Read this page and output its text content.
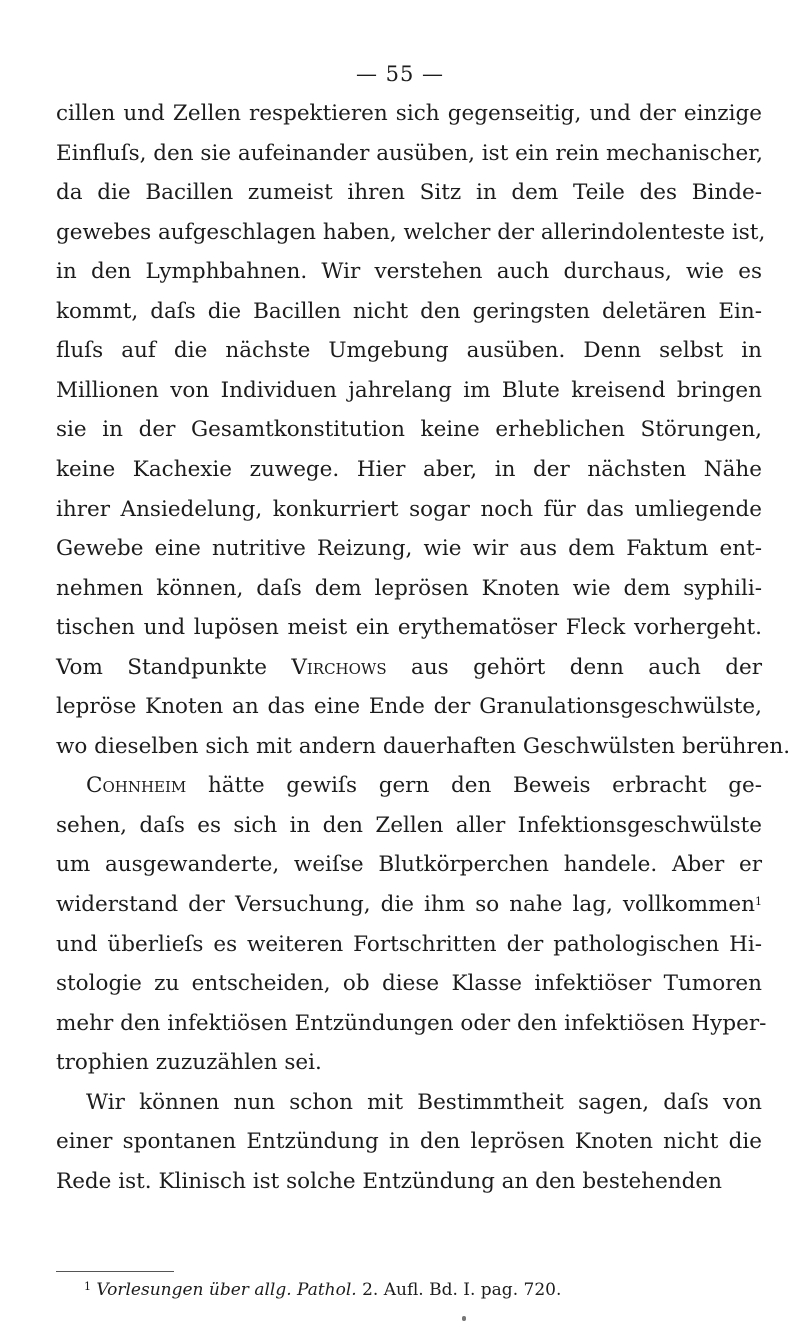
— 55 —
cillen und Zellen respektieren sich gegenseitig, und der einzige
Einfluſs, den sie aufeinander ausüben, ist ein rein mechanischer,
da die Bacillen zumeist ihren Sitz in dem Teile des Binde-
gewebes aufgeschlagen haben, welcher der allerindolenteste ist,
in den Lymphbahnen. Wir verstehen auch durchaus, wie es
kommt, daſs die Bacillen nicht den geringsten deletären Ein-
fluſs auf die nächste Umgebung ausüben. Denn selbst in
Millionen von Individuen jahrelang im Blute kreisend bringen
sie in der Gesamtkonstitution keine erheblichen Störungen,
keine Kachexie zuwege. Hier aber, in der nächsten Nähe
ihrer Ansiedelung, konkurriert sogar noch für das umliegende
Gewebe eine nutritive Reizung, wie wir aus dem Faktum ent-
nehmen können, daſs dem leprösen Knoten wie dem syphili-
tischen und lupösen meist ein erythematöser Fleck vorhergeht.
Vom Standpunkte Virchows aus gehört denn auch der
lepröse Knoten an das eine Ende der Granulationsgeschwülste,
wo dieselben sich mit andern dauerhaften Geschwülsten berühren.
Cohnheim hätte gewiſs gern den Beweis erbracht ge-
sehen, daſs es sich in den Zellen aller Infektionsgeschwülste
um ausgewanderte, weiſse Blutkörperchen handele. Aber er
widerstand der Versuchung, die ihm so nahe lag, vollkommen$^1$
und überlieſs es weiteren Fortschritten der pathologischen Hi-
stologie zu entscheiden, ob diese Klasse infektiöser Tumoren
mehr den infektiösen Entzündungen oder den infektiösen Hyper-
trophien zuzuzählen sei.
Wir können nun schon mit Bestimmtheit sagen, daſs von
einer spontanen Entzündung in den leprösen Knoten nicht die
Rede ist. Klinisch ist solche Entzündung an den bestehenden
$^1$ Vorlesungen über allg. Pathol. 2. Aufl. Bd. I. pag. 720.
